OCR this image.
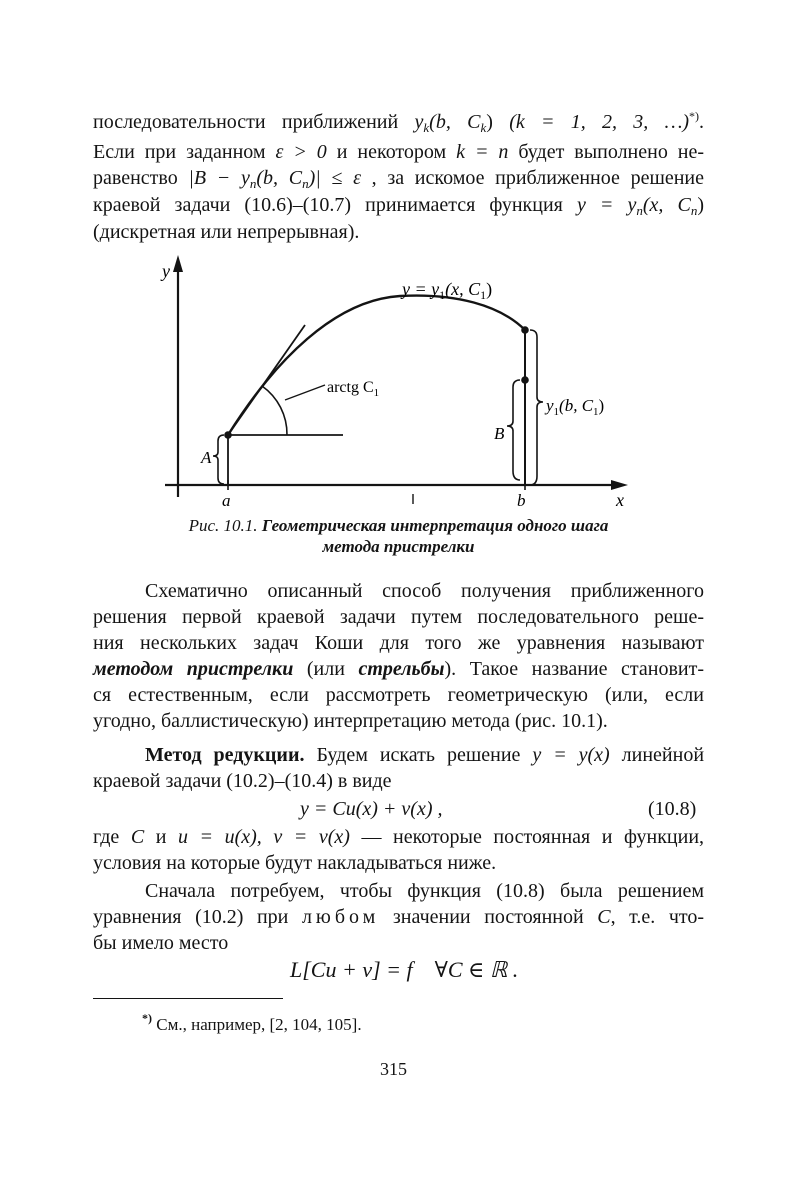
последовательности приближений $y_k(b$, $C_k$) (k = 1, 2, 3, …)*).
Если при заданном ε > 0 и некотором k = n будет выполнено не-
равенство $|B - y_n(b$, $C_n)| \le \varepsilon$ , за искомое приближенное решение
краевой задачи (10.6)–(10.7) принимается функция $y = y_n(x$, $C_n$)
(дискретная или непрерывная).
y
x
a	b
arctg $C_1$
A
B
$y_1(b$, $C_1$)
$y = y_1(x$, $C_1$)
Рис. 10.1. Геометрическая интерпретация одного шага
метода пристрелки
Схематично описанный способ получения приближенного
решения первой краевой задачи путем последовательного реше-
ния нескольких задач Коши для того же уравнения называют
методом пристрелки (или стрельбы). Такое название становит-
ся естественным, если рассмотреть геометрическую (или, если
угодно, баллистическую) интерпретацию метода (рис. 10.1).
Метод редукции. Будем искать решение y = y(x) линейной
краевой задачи (10.2)–(10.4) в виде
y = Cu(x) + v(x) ,	(10.8)
где C и u = u(x), v = v(x) — некоторые постоянная и функции,
условия на которые будут накладываться ниже.
Сначала потребуем, чтобы функция (10.8) была решением
уравнения (10.2) при любом значении постоянной C, т.е. что-
бы имело место
L[Cu + v] = f    ∀C ∈ ℝ .
*) См., например, [2, 104, 105].
315
